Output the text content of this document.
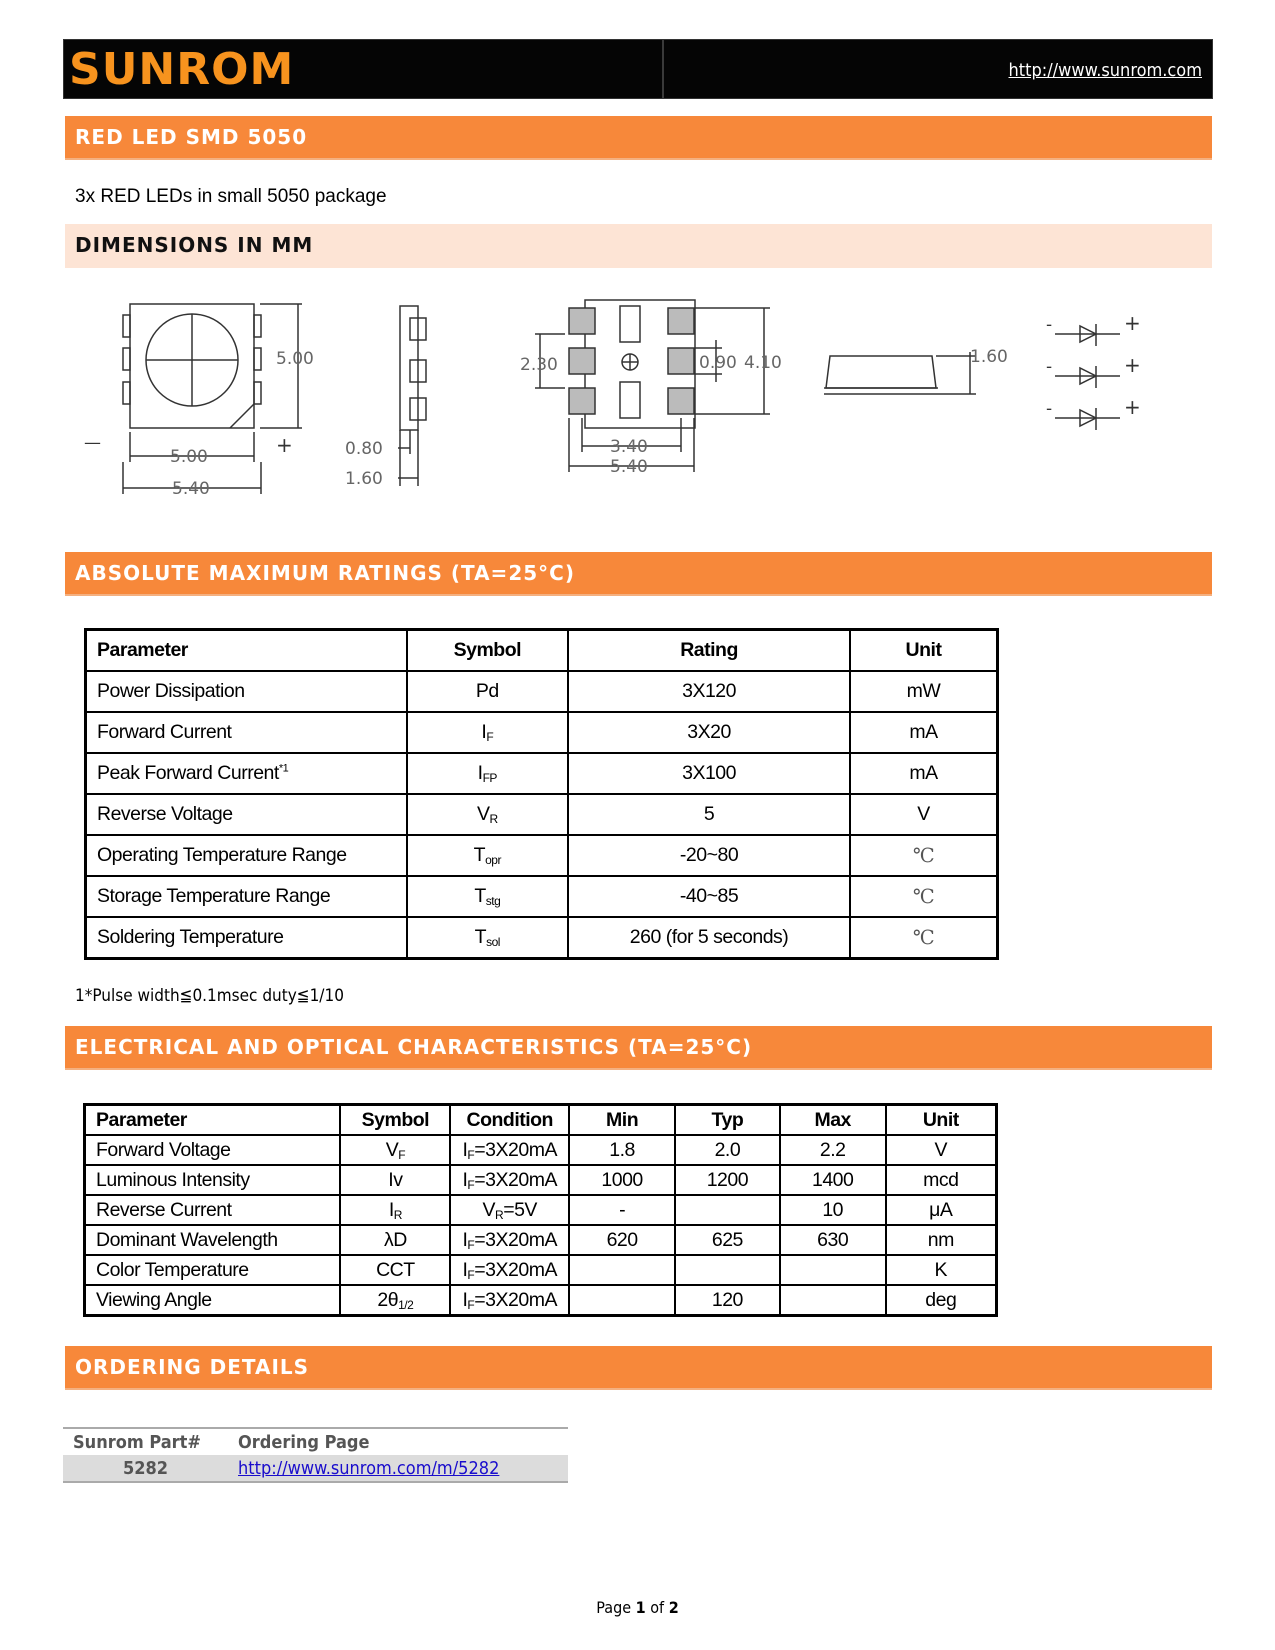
SUNROM	http://www.sunrom.com
RED LED SMD 5050
3x RED LEDs in small 5050 package
DIMENSIONS IN MM
5.00
5.00
5.40
—	+	0.80
1.60
2.30	0.90 4.10
3.40
5.40
1.60
-	+
-	+
-	+
ABSOLUTE MAXIMUM RATINGS (TA=25°C)
Parameter	Symbol	Rating	Unit
Power Dissipation	Pd	3X120	mW
Forward Current	$I_F$	3X20	mA
Peak Forward Current$^{*1}$	$I_{FP}$	3X100	mA
Reverse Voltage	$V_R$	5	V
Operating Temperature Range	$T_{opr}$	-20~80	℃
Storage Temperature Range	$T_{stg}$	-40~85	℃
Soldering Temperature	$T_{sol}$	260 (for 5 seconds)	℃
1*Pulse width≦0.1msec duty≦1/10
ELECTRICAL AND OPTICAL CHARACTERISTICS (TA=25°C)
Parameter	Symbol	Condition	Min	Typ	Max	Unit
Forward Voltage	$V_F$	$I_F=3X20mA$	1.8	2.0	2.2	V
Luminous Intensity	Iv	$I_F=3X20mA$	1000	1200	1400	mcd
Reverse Current	$I_R$	$V_R=5V$	-		10	μA
Dominant Wavelength	λD	$I_F=3X20mA$	620	625	630	nm
Color Temperature	CCT	$I_F=3X20mA$				K
Viewing Angle	$2\theta_{1/2}$	$I_F=3X20mA$		120		deg
ORDERING DETAILS
Sunrom Part#	Ordering Page
5282	http://www.sunrom.com/m/5282
Page 1 of 2
